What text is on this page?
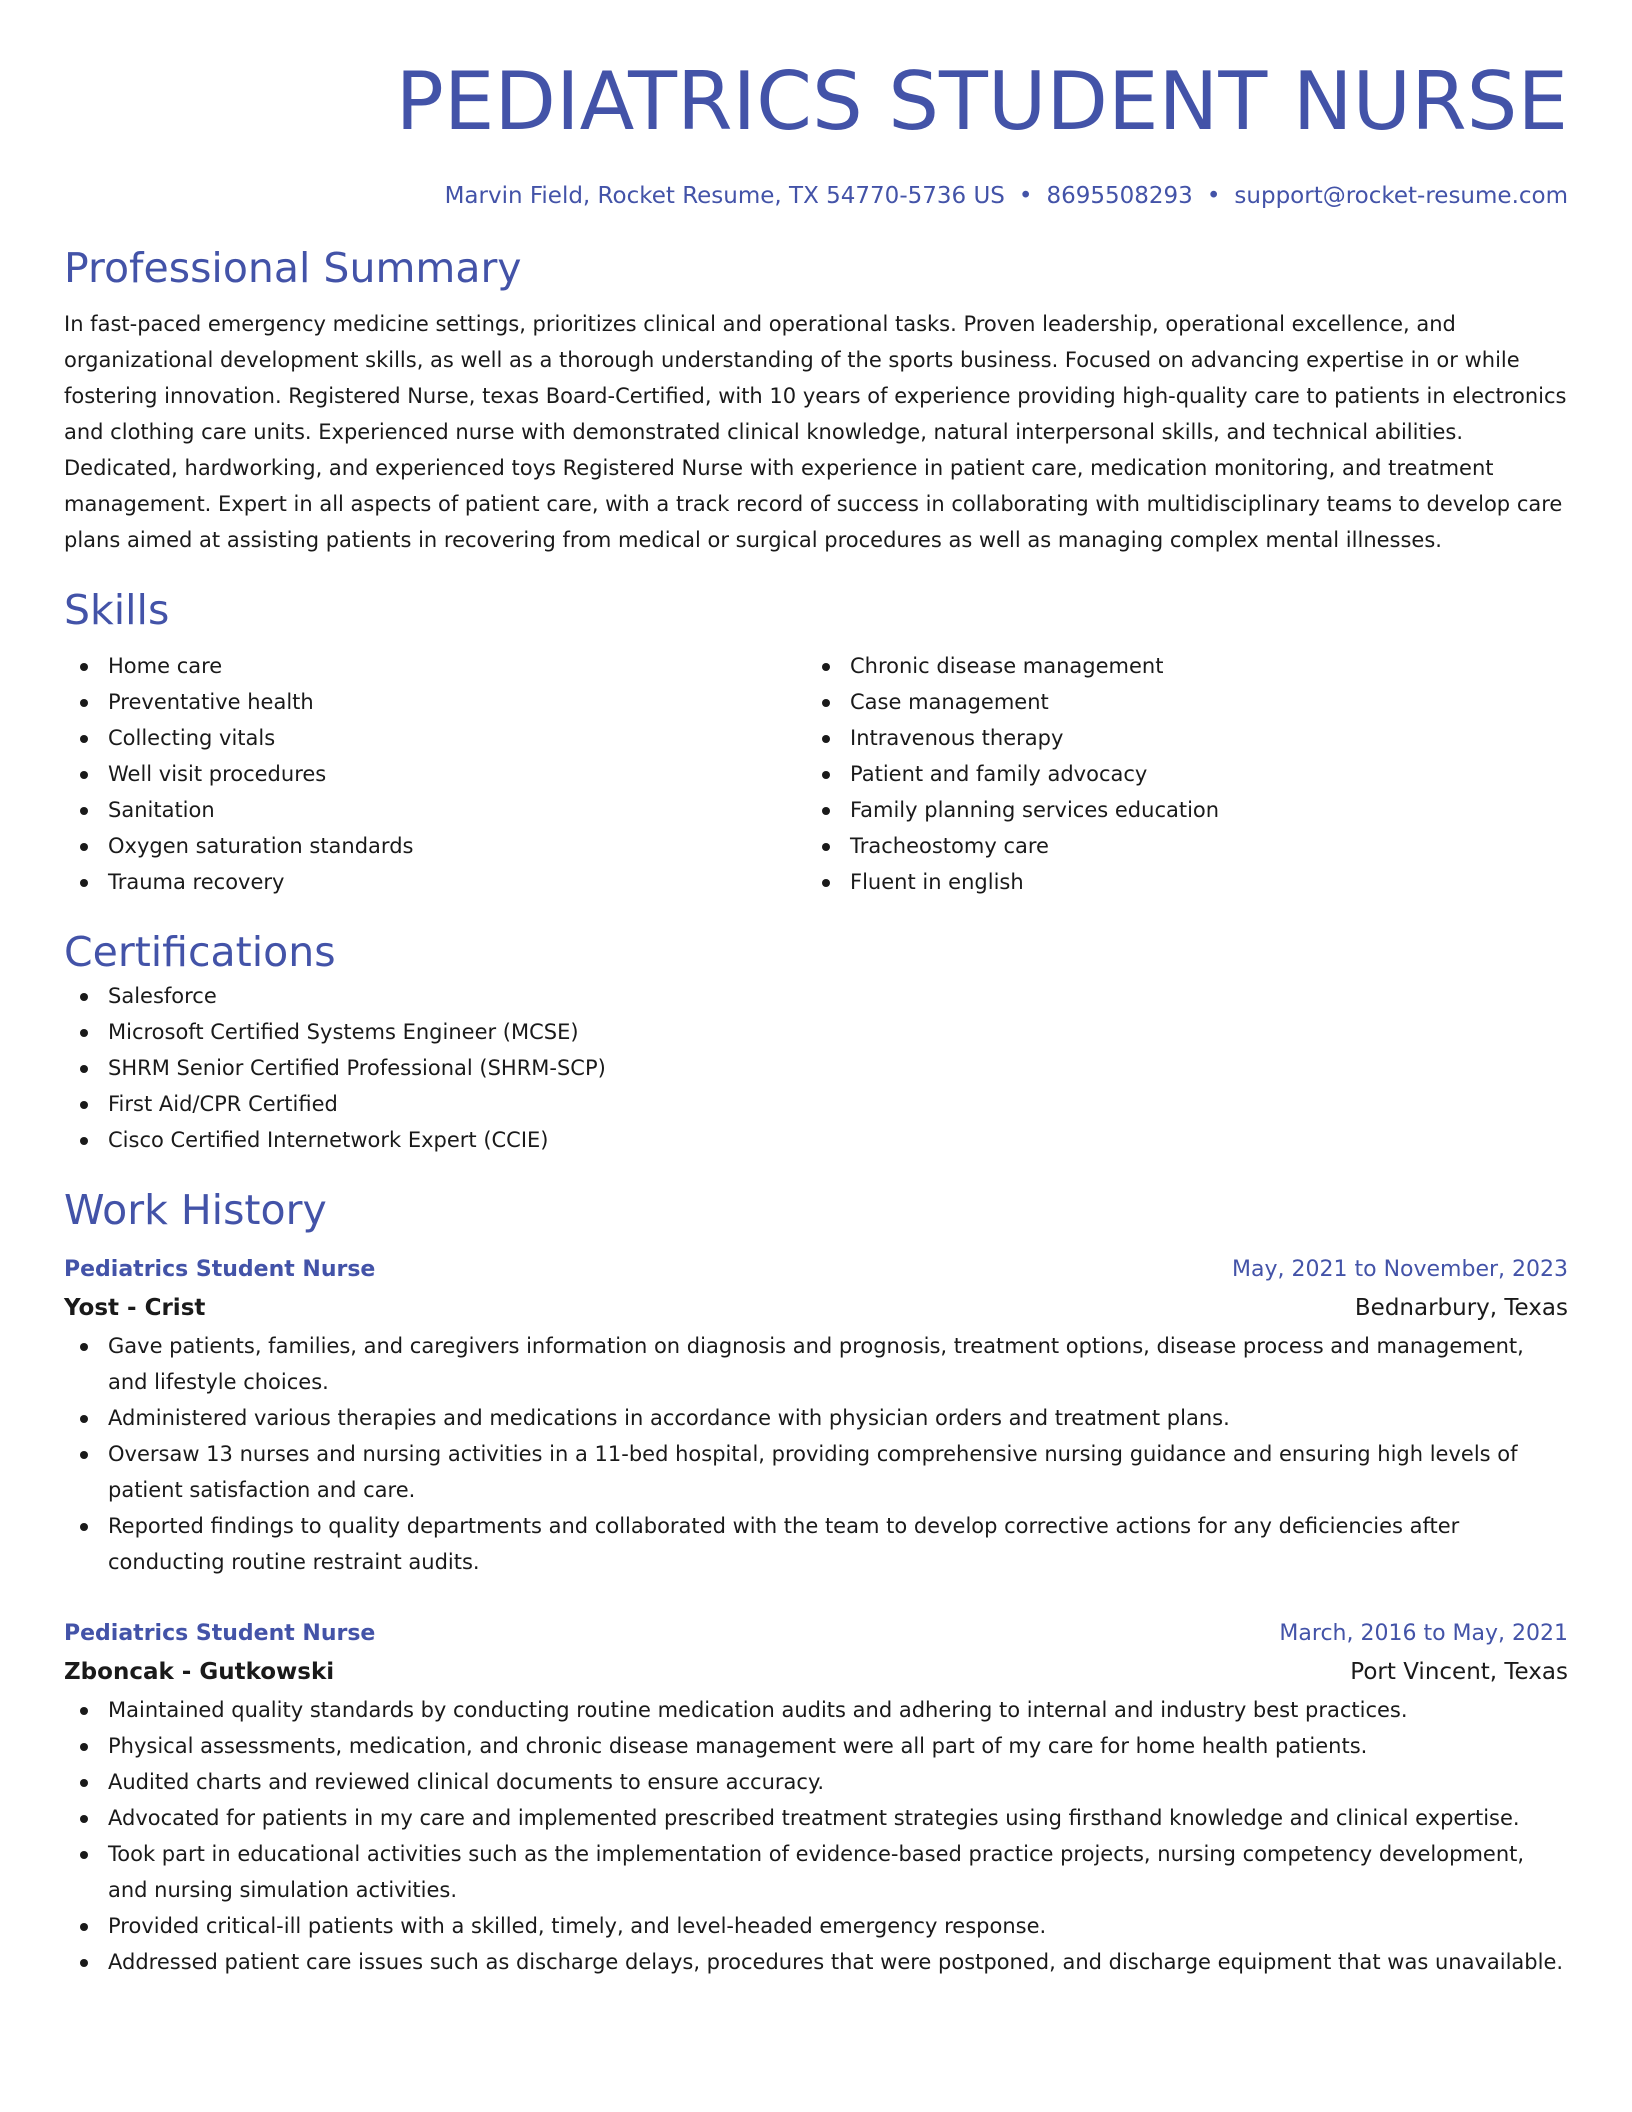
PEDIATRICS STUDENT NURSE
Marvin Field, Rocket Resume, TX 54770-5736 US • 8695508293 • support@rocket-resume.com
Professional Summary
In fast-paced emergency medicine settings, prioritizes clinical and operational tasks. Proven leadership, operational excellence, and organizational development skills, as well as a thorough understanding of the sports business. Focused on advancing expertise in or while fostering innovation. Registered Nurse, texas Board-Certified, with 10 years of experience providing high-quality care to patients in electronics and clothing care units. Experienced nurse with demonstrated clinical knowledge, natural interpersonal skills, and technical abilities. Dedicated, hardworking, and experienced toys Registered Nurse with experience in patient care, medication monitoring, and treatment management. Expert in all aspects of patient care, with a track record of success in collaborating with multidisciplinary teams to develop care plans aimed at assisting patients in recovering from medical or surgical procedures as well as managing complex mental illnesses.
Skills
Home care
Preventative health
Collecting vitals
Well visit procedures
Sanitation
Oxygen saturation standards
Trauma recovery
Chronic disease management
Case management
Intravenous therapy
Patient and family advocacy
Family planning services education
Tracheostomy care
Fluent in english
Certifications
Salesforce
Microsoft Certified Systems Engineer (MCSE)
SHRM Senior Certified Professional (SHRM-SCP)
First Aid/CPR Certified
Cisco Certified Internetwork Expert (CCIE)
Work History
Pediatrics Student Nurse	May, 2021 to November, 2023
Yost - Crist	Bednarbury, Texas
Gave patients, families, and caregivers information on diagnosis and prognosis, treatment options, disease process and management, and lifestyle choices.
Administered various therapies and medications in accordance with physician orders and treatment plans.
Oversaw 13 nurses and nursing activities in a 11-bed hospital, providing comprehensive nursing guidance and ensuring high levels of patient satisfaction and care.
Reported findings to quality departments and collaborated with the team to develop corrective actions for any deficiencies after conducting routine restraint audits.
Pediatrics Student Nurse	March, 2016 to May, 2021
Zboncak - Gutkowski	Port Vincent, Texas
Maintained quality standards by conducting routine medication audits and adhering to internal and industry best practices.
Physical assessments, medication, and chronic disease management were all part of my care for home health patients.
Audited charts and reviewed clinical documents to ensure accuracy.
Advocated for patients in my care and implemented prescribed treatment strategies using firsthand knowledge and clinical expertise.
Took part in educational activities such as the implementation of evidence-based practice projects, nursing competency development, and nursing simulation activities.
Provided critical-ill patients with a skilled, timely, and level-headed emergency response.
Addressed patient care issues such as discharge delays, procedures that were postponed, and discharge equipment that was unavailable.
